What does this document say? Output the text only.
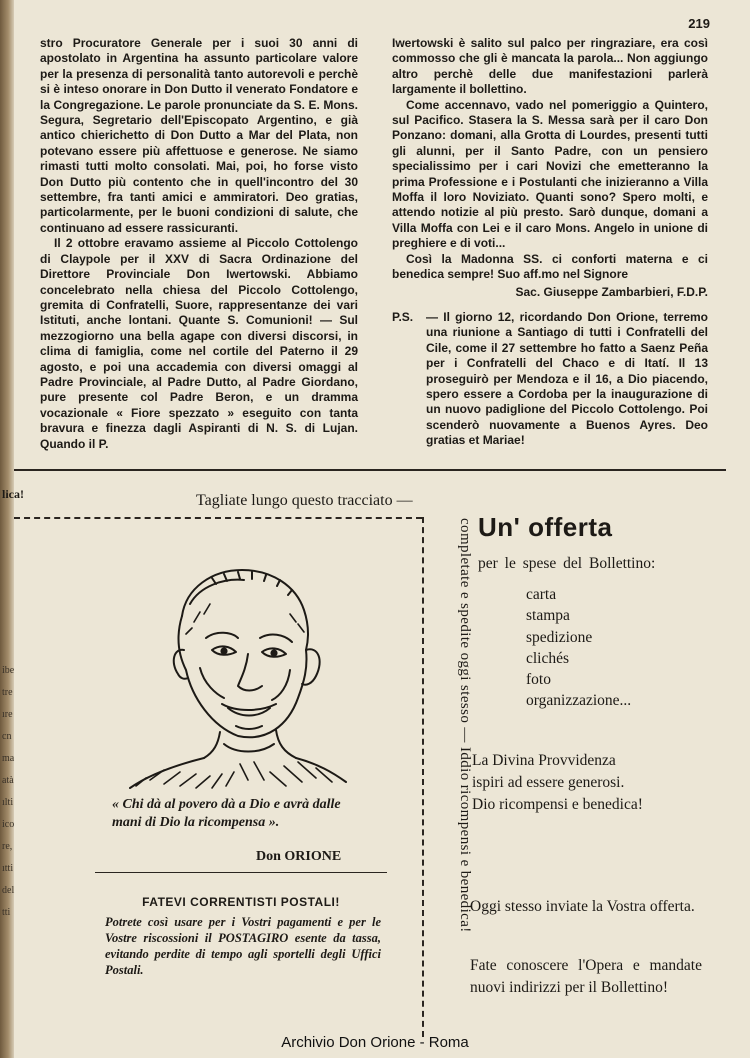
219

stro Procuratore Generale per i suoi 30 anni di apostolato in Argentina ha assunto particolare valore per la presenza di personalità tanto autorevoli e perchè si è inteso onorare in Don Dutto il venerato Fondatore e la Congregazione. Le parole pronunciate da S. E. Mons. Segura, Segretario dell'Episcopato Argentino, e già antico chierichetto di Don Dutto a Mar del Plata, non potevano essere più affettuose e generose. Ne siamo rimasti tutti molto consolati. Mai, poi, ho forse visto Don Dutto più contento che in quell'incontro del 30 settembre, fra tanti amici e ammiratori. Deo gratias, particolarmente, per le buoni condizioni di salute, che continuano ad essere rassicuranti.

Il 2 ottobre eravamo assieme al Piccolo Cottolengo di Claypole per il XXV di Sacra Ordinazione del Direttore Provinciale Don Iwertowski. Abbiamo concelebrato nella chiesa del Piccolo Cottolengo, gremita di Confratelli, Suore, rappresentanze dei vari Istituti, anche lontani. Quante S. Comunioni! — Sul mezzogiorno una bella agape con diversi discorsi, in clima di famiglia, come nel cortile del Paterno il 29 agosto, e poi una accademia con diversi omaggi al Padre Provinciale, al Padre Dutto, al Padre Giordano, pure presente col Padre Beron, e un dramma vocazionale « Fiore spezzato » eseguito con tanta bravura e finezza dagli Aspiranti di N. S. di Lujan. Quando il P.

Iwertowski è salito sul palco per ringraziare, era così commosso che gli è mancata la parola... Non aggiungo altro perchè delle due manifestazioni parlerà largamente il bollettino.

Come accennavo, vado nel pomeriggio a Quintero, sul Pacifico. Stasera la S. Messa sarà per il caro Don Ponzano: domani, alla Grotta di Lourdes, presenti tutti gli alunni, per il Santo Padre, con un pensiero specialissimo per i cari Novizi che emetteranno la prima Professione e i Postulanti che inizieranno a Villa Moffa il loro Noviziato. Quanti sono? Spero molti, e attendo notizie al più presto. Sarò dunque, domani a Villa Moffa con Lei e il caro Mons. Angelo in unione di preghiere e di voti...

Così la Madonna SS. ci conforti materna e ci benedica sempre! Suo aff.mo nel Signore

Sac. Giuseppe Zambarbieri, F.D.P.

P.S.	— Il giorno 12, ricordando Don Orione, terremo una riunione a Santiago di tutti i Confratelli del Cile, come il 27 settembre ho fatto a Saenz Peña per i Confratelli del Chaco e di Itatí. Il 13 proseguirò per Mendoza e il 16, a Dio piacendo, spero essere a Cordoba per la inaugurazione di un nuovo padiglione del Piccolo Cottolengo. Poi scenderò nuovamente a Buenos Ayres. Deo gratias et Mariae!

lica!
ibe
tre
ıre
cn
ma
atà
ılti
ico
re,
ıtti
del
tti
Tagliate lungo questo tracciato —
completate e spedite oggi stesso — Iddio ricompensi e benedica!
« Chi dà al povero dà a Dio e avrà dalle mani di Dio la ricompensa ».
Don ORIONE
FATEVI CORRENTISTI POSTALI!
Potrete così usare per i Vostri pagamenti e per le Vostre riscossioni il POSTAGIRO esente da tassa, evitando perdite di tempo agli sportelli degli Uffici Postali.
Un' offerta
per le spese del Bollettino:
carta
stampa
spedizione
clichés
foto
organizzazione...
La Divina Provvidenza
ispiri ad essere generosi.
Dio ricompensi e benedica!
Oggi stesso inviate la Vostra offerta.
Fate conoscere l'Opera e mandate nuovi indirizzi per il Bollettino!
Archivio Don Orione - Roma
